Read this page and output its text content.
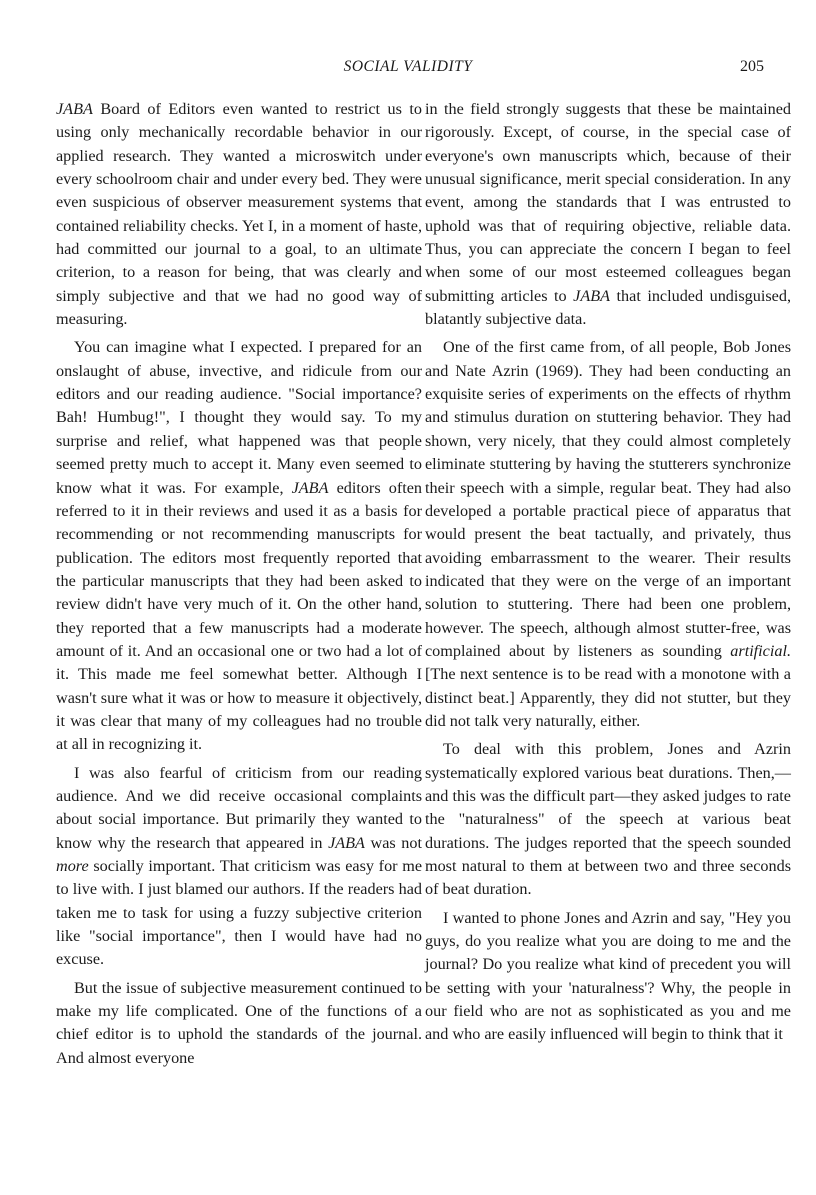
SOCIAL VALIDITY	205

JABA Board of Editors even wanted to restrict us to using only mechanically recordable behavior in our applied research. They wanted a microswitch under every schoolroom chair and under every bed. They were even suspicious of observer measurement systems that contained reliability checks. Yet I, in a moment of haste, had committed our journal to a goal, to an ultimate criterion, to a reason for being, that was clearly and simply subjective and that we had no good way of measuring.

You can imagine what I expected. I prepared for an onslaught of abuse, invective, and ridicule from our editors and our reading audience. "Social importance? Bah! Humbug!", I thought they would say. To my surprise and relief, what happened was that people seemed pretty much to accept it. Many even seemed to know what it was. For example, JABA editors often referred to it in their reviews and used it as a basis for recommending or not recommending manuscripts for publication. The editors most frequently reported that the particular manuscripts that they had been asked to review didn't have very much of it. On the other hand, they reported that a few manuscripts had a moderate amount of it. And an occasional one or two had a lot of it. This made me feel somewhat better. Although I wasn't sure what it was or how to measure it objectively, it was clear that many of my colleagues had no trouble at all in recognizing it.

I was also fearful of criticism from our reading audience. And we did receive occasional complaints about social importance. But primarily they wanted to know why the research that appeared in JABA was not more socially important. That criticism was easy for me to live with. I just blamed our authors. If the readers had taken me to task for using a fuzzy subjective criterion like "social importance", then I would have had no excuse.

But the issue of subjective measurement continued to make my life complicated. One of the functions of a chief editor is to uphold the standards of the journal. And almost everyone

in the field strongly suggests that these be maintained rigorously. Except, of course, in the special case of everyone's own manuscripts which, because of their unusual significance, merit special consideration. In any event, among the standards that I was entrusted to uphold was that of requiring objective, reliable data. Thus, you can appreciate the concern I began to feel when some of our most esteemed colleagues began submitting articles to JABA that included undisguised, blatantly subjective data.

One of the first came from, of all people, Bob Jones and Nate Azrin (1969). They had been conducting an exquisite series of experiments on the effects of rhythm and stimulus duration on stuttering behavior. They had shown, very nicely, that they could almost completely eliminate stuttering by having the stutterers synchronize their speech with a simple, regular beat. They had also developed a portable practical piece of apparatus that would present the beat tactually, and privately, thus avoiding embarrassment to the wearer. Their results indicated that they were on the verge of an important solution to stuttering. There had been one problem, however. The speech, although almost stutter-free, was complained about by listeners as sounding artificial. [The next sentence is to be read with a monotone with a distinct beat.] Apparently, they did not stutter, but they did not talk very naturally, either.

To deal with this problem, Jones and Azrin systematically explored various beat durations. Then,—and this was the difficult part—they asked judges to rate the "naturalness" of the speech at various beat durations. The judges reported that the speech sounded most natural to them at between two and three seconds of beat duration.

I wanted to phone Jones and Azrin and say, "Hey you guys, do you realize what you are doing to me and the journal? Do you realize what kind of precedent you will be setting with your 'naturalness'? Why, the people in our field who are not as sophisticated as you and me and who are easily influenced will begin to think that it
